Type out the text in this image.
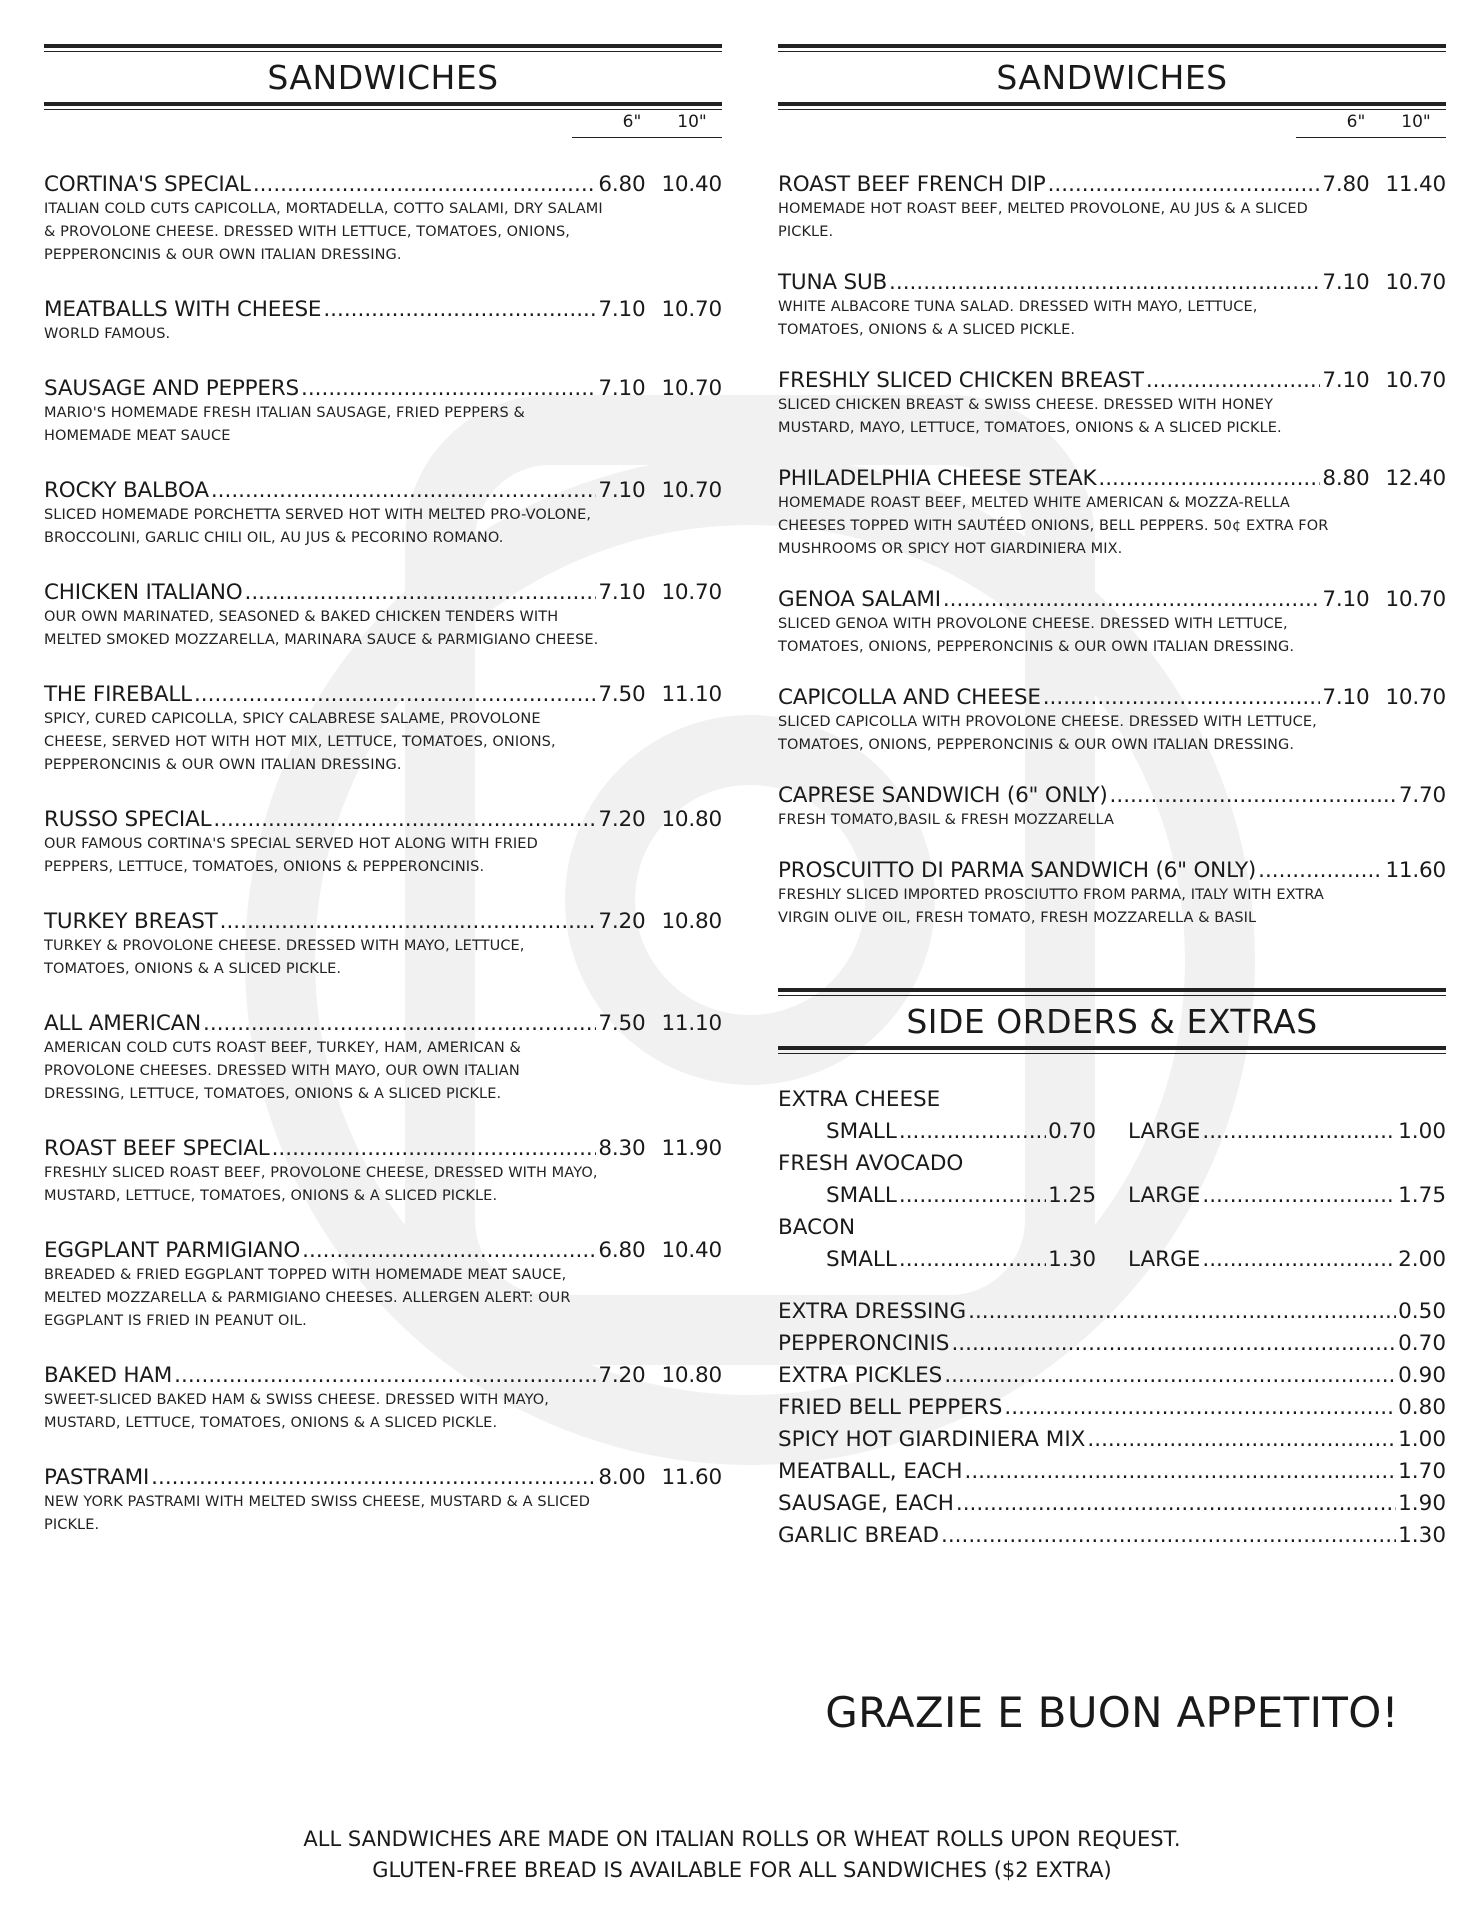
SANDWICHES
6"	10"
CORTINA'S SPECIAL .....	6.80 10.40
ITALIAN COLD CUTS CAPICOLLA, MORTADELLA, COTTO SALAMI, DRY SALAMI & PROVOLONE CHEESE. DRESSED WITH LETTUCE, TOMATOES, ONIONS, PEPPERONCINIS & OUR OWN ITALIAN DRESSING.
MEATBALLS WITH CHEESE .....	7.10 10.70
WORLD FAMOUS.
SAUSAGE AND PEPPERS .....	7.10 10.70
MARIO'S HOMEMADE FRESH ITALIAN SAUSAGE, FRIED PEPPERS & HOMEMADE MEAT SAUCE
ROCKY BALBOA .....	7.10 10.70
SLICED HOMEMADE PORCHETTA SERVED HOT WITH MELTED PRO-VOLONE, BROCCOLINI, GARLIC CHILI OIL, AU JUS & PECORINO ROMANO.
CHICKEN ITALIANO .....	7.10 10.70
OUR OWN MARINATED, SEASONED & BAKED CHICKEN TENDERS WITH MELTED SMOKED MOZZARELLA, MARINARA SAUCE & PARMIGIANO CHEESE.
THE FIREBALL .....	7.50 11.10
SPICY, CURED CAPICOLLA, SPICY CALABRESE SALAME, PROVOLONE CHEESE, SERVED HOT WITH HOT MIX, LETTUCE, TOMATOES, ONIONS, PEPPERONCINIS & OUR OWN ITALIAN DRESSING.
RUSSO SPECIAL .....	7.20 10.80
OUR FAMOUS CORTINA'S SPECIAL SERVED HOT ALONG WITH FRIED PEPPERS, LETTUCE, TOMATOES, ONIONS & PEPPERONCINIS.
TURKEY BREAST .....	7.20 10.80
TURKEY & PROVOLONE CHEESE. DRESSED WITH MAYO, LETTUCE, TOMATOES, ONIONS & A SLICED PICKLE.
ALL AMERICAN .....	7.50 11.10
AMERICAN COLD CUTS ROAST BEEF, TURKEY, HAM, AMERICAN & PROVOLONE CHEESES. DRESSED WITH MAYO, OUR OWN ITALIAN DRESSING, LETTUCE, TOMATOES, ONIONS & A SLICED PICKLE.
ROAST BEEF SPECIAL .....	8.30 11.90
FRESHLY SLICED ROAST BEEF, PROVOLONE CHEESE, DRESSED WITH MAYO, MUSTARD, LETTUCE, TOMATOES, ONIONS & A SLICED PICKLE.
EGGPLANT PARMIGIANO .....	6.80 10.40
BREADED & FRIED EGGPLANT TOPPED WITH HOMEMADE MEAT SAUCE, MELTED MOZZARELLA & PARMIGIANO CHEESES. ALLERGEN ALERT: OUR EGGPLANT IS FRIED IN PEANUT OIL.
BAKED HAM .....	7.20 10.80
SWEET-SLICED BAKED HAM & SWISS CHEESE. DRESSED WITH MAYO, MUSTARD, LETTUCE, TOMATOES, ONIONS & A SLICED PICKLE.
PASTRAMI .....	8.00 11.60
NEW YORK PASTRAMI WITH MELTED SWISS CHEESE, MUSTARD & A SLICED PICKLE.
SANDWICHES
6"	10"
ROAST BEEF FRENCH DIP .....	7.80 11.40
HOMEMADE HOT ROAST BEEF, MELTED PROVOLONE, AU JUS & A SLICED PICKLE.
TUNA SUB .....	7.10 10.70
WHITE ALBACORE TUNA SALAD. DRESSED WITH MAYO, LETTUCE, TOMATOES, ONIONS & A SLICED PICKLE.
FRESHLY SLICED CHICKEN BREAST .....	7.10 10.70
SLICED CHICKEN BREAST & SWISS CHEESE. DRESSED WITH HONEY MUSTARD, MAYO, LETTUCE, TOMATOES, ONIONS & A SLICED PICKLE.
PHILADELPHIA CHEESE STEAK .....	8.80 12.40
HOMEMADE ROAST BEEF, MELTED WHITE AMERICAN & MOZZA-RELLA CHEESES TOPPED WITH SAUTÉED ONIONS, BELL PEPPERS. 50¢ EXTRA FOR MUSHROOMS OR SPICY HOT GIARDINIERA MIX.
GENOA SALAMI .....	7.10 10.70
SLICED GENOA WITH PROVOLONE CHEESE. DRESSED WITH LETTUCE, TOMATOES, ONIONS, PEPPERONCINIS & OUR OWN ITALIAN DRESSING.
CAPICOLLA AND CHEESE .....	7.10 10.70
SLICED CAPICOLLA WITH PROVOLONE CHEESE. DRESSED WITH LETTUCE, TOMATOES, ONIONS, PEPPERONCINIS & OUR OWN ITALIAN DRESSING.
CAPRESE SANDWICH (6" ONLY) .....	7.70
FRESH TOMATO,BASIL & FRESH MOZZARELLA
PROSCUITTO DI PARMA SANDWICH (6" ONLY) .....	11.60
FRESHLY SLICED IMPORTED PROSCIUTTO FROM PARMA, ITALY WITH EXTRA VIRGIN OLIVE OIL, FRESH TOMATO, FRESH MOZZARELLA & BASIL
SIDE ORDERS & EXTRAS
EXTRA CHEESE
SMALL .....	0.70 LARGE .....	1.00
FRESH AVOCADO
SMALL .....	1.25 LARGE .....	1.75
BACON
SMALL .....	1.30 LARGE .....	2.00
EXTRA DRESSING .....	0.50
PEPPERONCINIS .....	0.70
EXTRA PICKLES .....	0.90
FRIED BELL PEPPERS .....	0.80
SPICY HOT GIARDINIERA MIX .....	1.00
MEATBALL, EACH .....	1.70
SAUSAGE, EACH .....	1.90
GARLIC BREAD .....	1.30
GRAZIE E BUON APPETITO!
ALL SANDWICHES ARE MADE ON ITALIAN ROLLS OR WHEAT ROLLS UPON REQUEST.
GLUTEN-FREE BREAD IS AVAILABLE FOR ALL SANDWICHES ($2 EXTRA)
